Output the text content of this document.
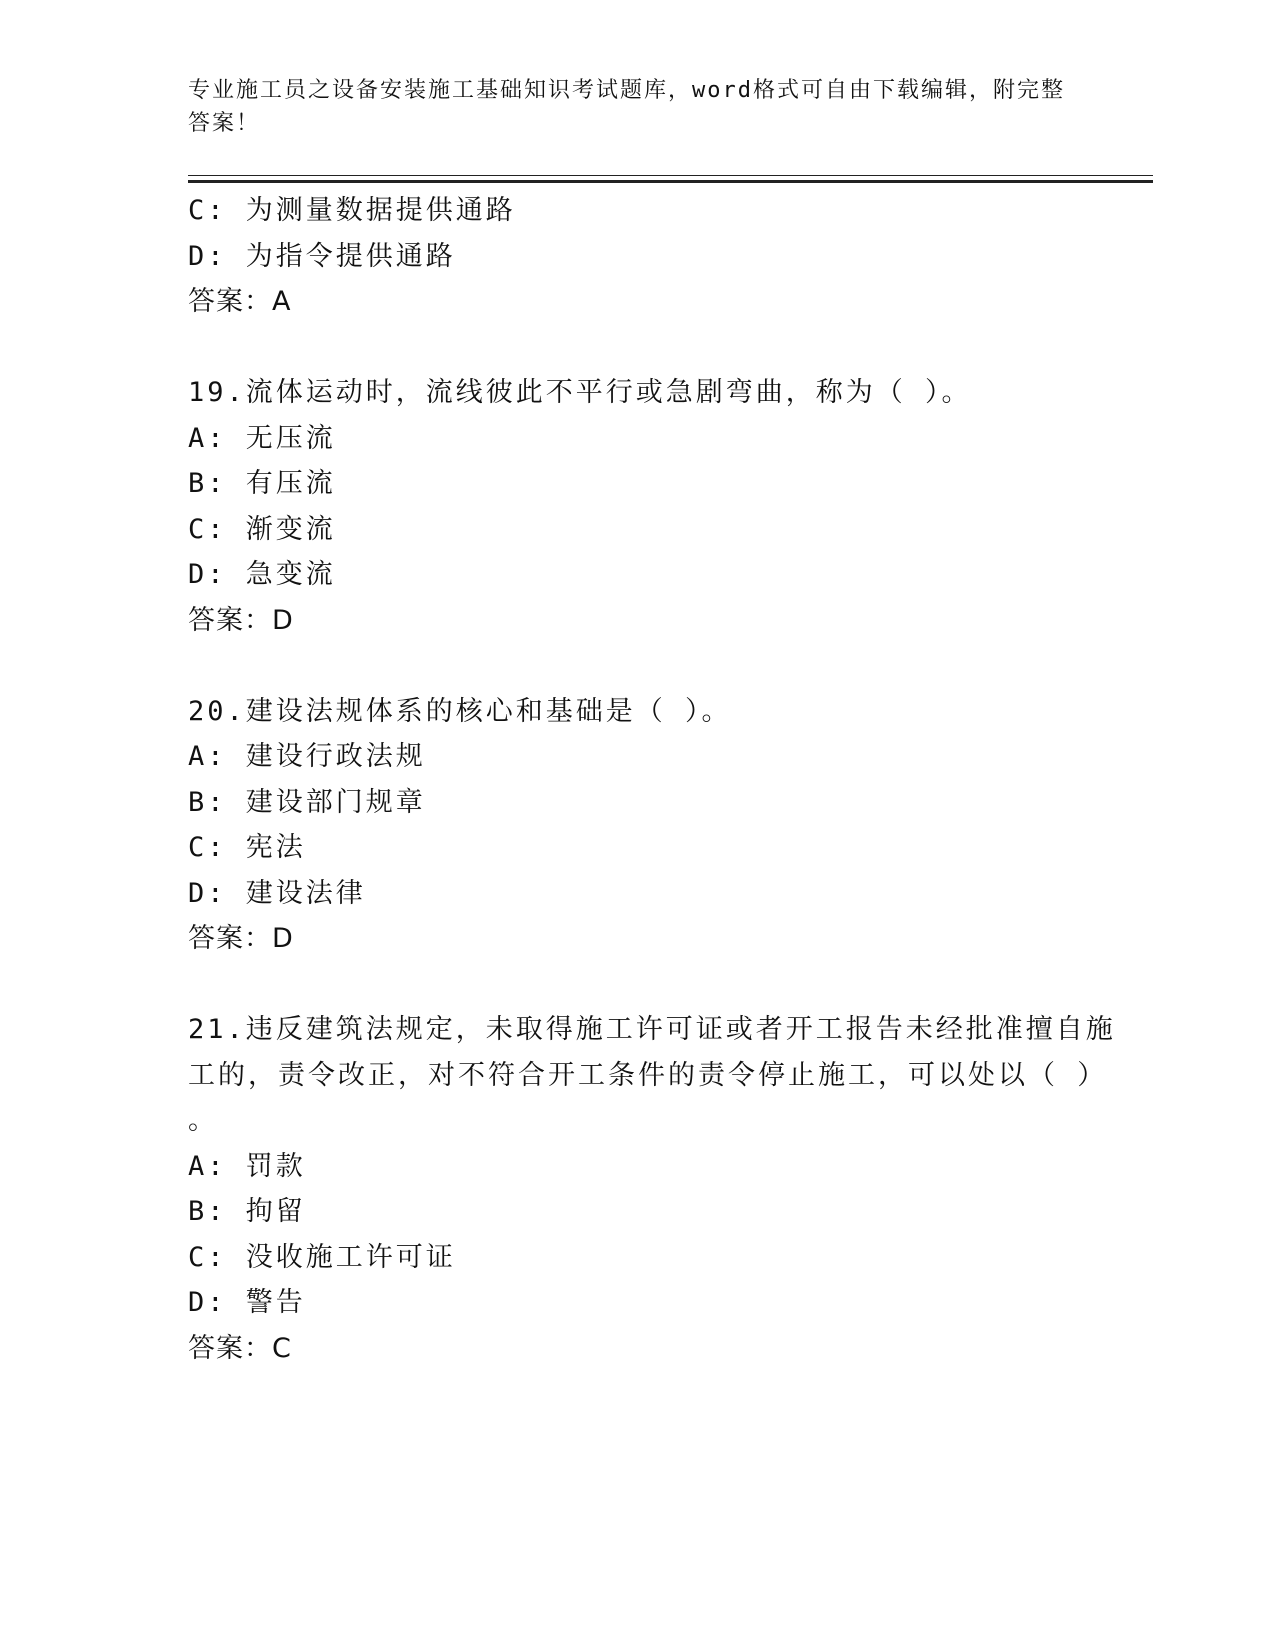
专业施工员之设备安装施工基础知识考试题库，word格式可自由下载编辑，附完整答案！
C: 为测量数据提供通路
D: 为指令提供通路
答案：A
19.流体运动时，流线彼此不平行或急剧弯曲，称为（ ）。
A: 无压流
B: 有压流
C: 渐变流
D: 急变流
答案：D
20.建设法规体系的核心和基础是（ ）。
A: 建设行政法规
B: 建设部门规章
C: 宪法
D: 建设法律
答案：D
21.违反建筑法规定，未取得施工许可证或者开工报告未经批准擅自施
工的，责令改正，对不符合开工条件的责令停止施工，可以处以（ ）
。
A: 罚款
B: 拘留
C: 没收施工许可证
D: 警告
答案：C
